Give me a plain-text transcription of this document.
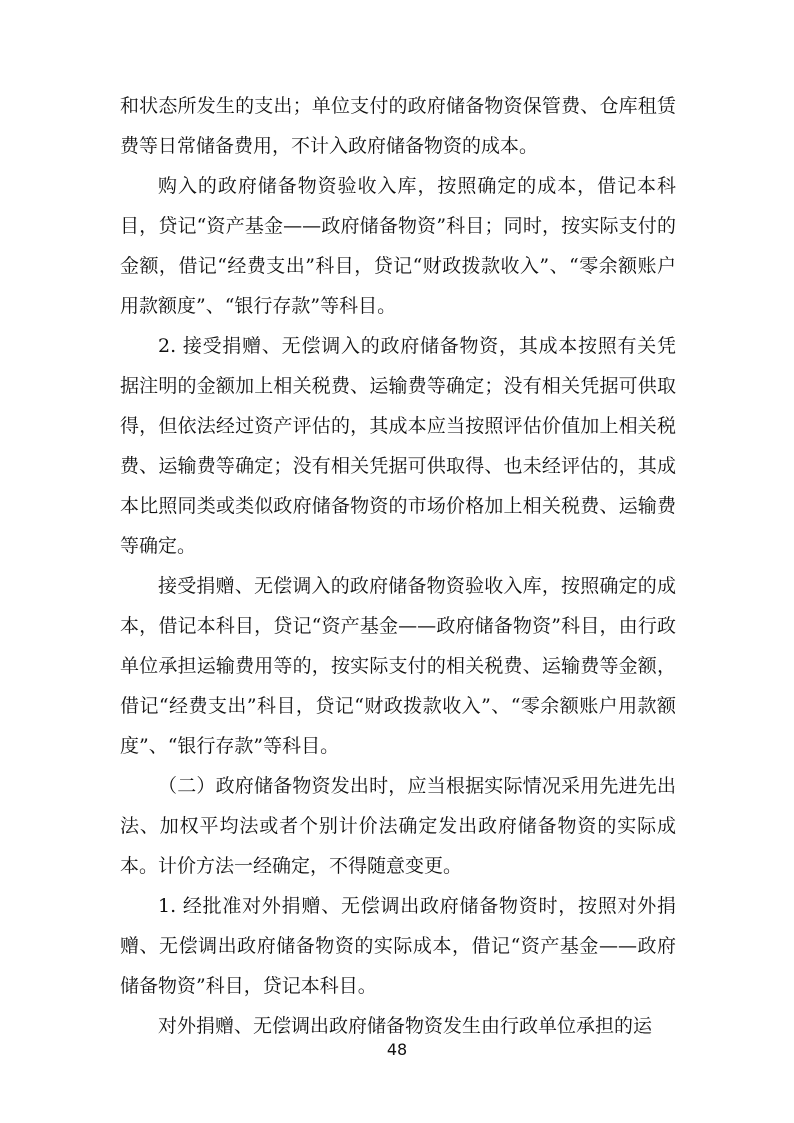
和状态所发生的支出；单位支付的政府储备物资保管费、仓库租赁费等日常储备费用，不计入政府储备物资的成本。

购入的政府储备物资验收入库，按照确定的成本，借记本科目，贷记“资产基金——政府储备物资”科目；同时，按实际支付的金额，借记“经费支出”科目，贷记“财政拨款收入”、“零余额账户用款额度”、“银行存款”等科目。

2. 接受捐赠、无偿调入的政府储备物资，其成本按照有关凭据注明的金额加上相关税费、运输费等确定；没有相关凭据可供取得，但依法经过资产评估的，其成本应当按照评估价值加上相关税费、运输费等确定；没有相关凭据可供取得、也未经评估的，其成本比照同类或类似政府储备物资的市场价格加上相关税费、运输费等确定。

接受捐赠、无偿调入的政府储备物资验收入库，按照确定的成本，借记本科目，贷记“资产基金——政府储备物资”科目，由行政单位承担运输费用等的，按实际支付的相关税费、运输费等金额，借记“经费支出”科目，贷记“财政拨款收入”、“零余额账户用款额度”、“银行存款”等科目。

（二）政府储备物资发出时，应当根据实际情况采用先进先出法、加权平均法或者个别计价法确定发出政府储备物资的实际成本。计价方法一经确定，不得随意变更。

1. 经批准对外捐赠、无偿调出政府储备物资时，按照对外捐赠、无偿调出政府储备物资的实际成本，借记“资产基金——政府储备物资”科目，贷记本科目。

对外捐赠、无偿调出政府储备物资发生由行政单位承担的运

48
